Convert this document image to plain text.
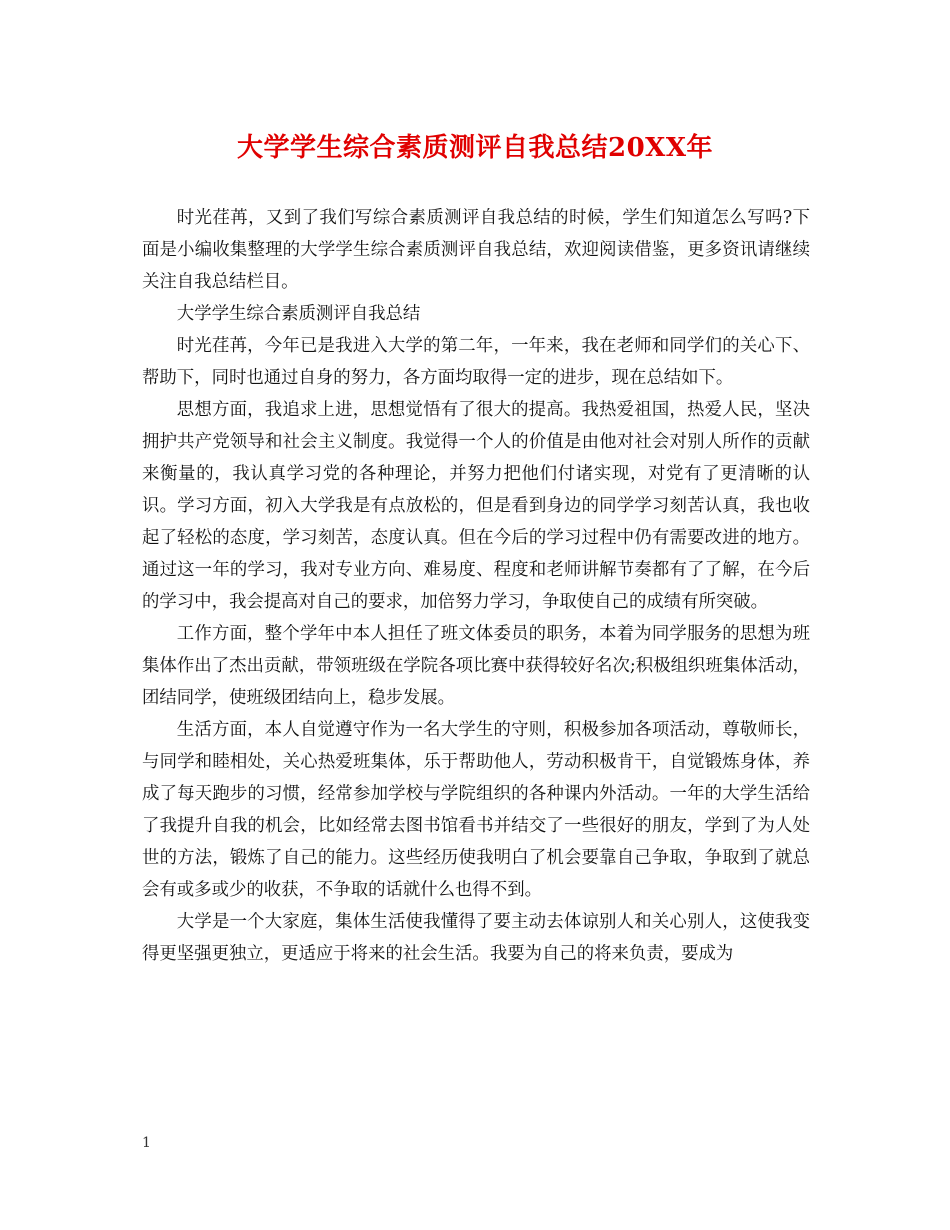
大学学生综合素质测评自我总结20XX年

时光荏苒，又到了我们写综合素质测评自我总结的时候，学生们知道怎么写吗?下面是小编收集整理的大学学生综合素质测评自我总结，欢迎阅读借鉴，更多资讯请继续关注自我总结栏目。

大学学生综合素质测评自我总结

时光荏苒，今年已是我进入大学的第二年，一年来，我在老师和同学们的关心下、帮助下，同时也通过自身的努力，各方面均取得一定的进步，现在总结如下。

思想方面，我追求上进，思想觉悟有了很大的提高。我热爱祖国，热爱人民，坚决拥护共产党领导和社会主义制度。我觉得一个人的价值是由他对社会对别人所作的贡献来衡量的，我认真学习党的各种理论，并努力把他们付诸实现，对党有了更清晰的认识。学习方面，初入大学我是有点放松的，但是看到身边的同学学习刻苦认真，我也收起了轻松的态度，学习刻苦，态度认真。但在今后的学习过程中仍有需要改进的地方。通过这一年的学习，我对专业方向、难易度、程度和老师讲解节奏都有了了解，在今后的学习中，我会提高对自己的要求，加倍努力学习，争取使自己的成绩有所突破。

工作方面，整个学年中本人担任了班文体委员的职务，本着为同学服务的思想为班集体作出了杰出贡献，带领班级在学院各项比赛中获得较好名次;积极组织班集体活动，团结同学，使班级团结向上，稳步发展。

生活方面，本人自觉遵守作为一名大学生的守则，积极参加各项活动，尊敬师长，与同学和睦相处，关心热爱班集体，乐于帮助他人，劳动积极肯干，自觉锻炼身体，养成了每天跑步的习惯，经常参加学校与学院组织的各种课内外活动。一年的大学生活给了我提升自我的机会，比如经常去图书馆看书并结交了一些很好的朋友，学到了为人处世的方法，锻炼了自己的能力。这些经历使我明白了机会要靠自己争取，争取到了就总会有或多或少的收获，不争取的话就什么也得不到。

大学是一个大家庭，集体生活使我懂得了要主动去体谅别人和关心别人，这使我变得更坚强更独立，更适应于将来的社会生活。我要为自己的将来负责，要成为

1
